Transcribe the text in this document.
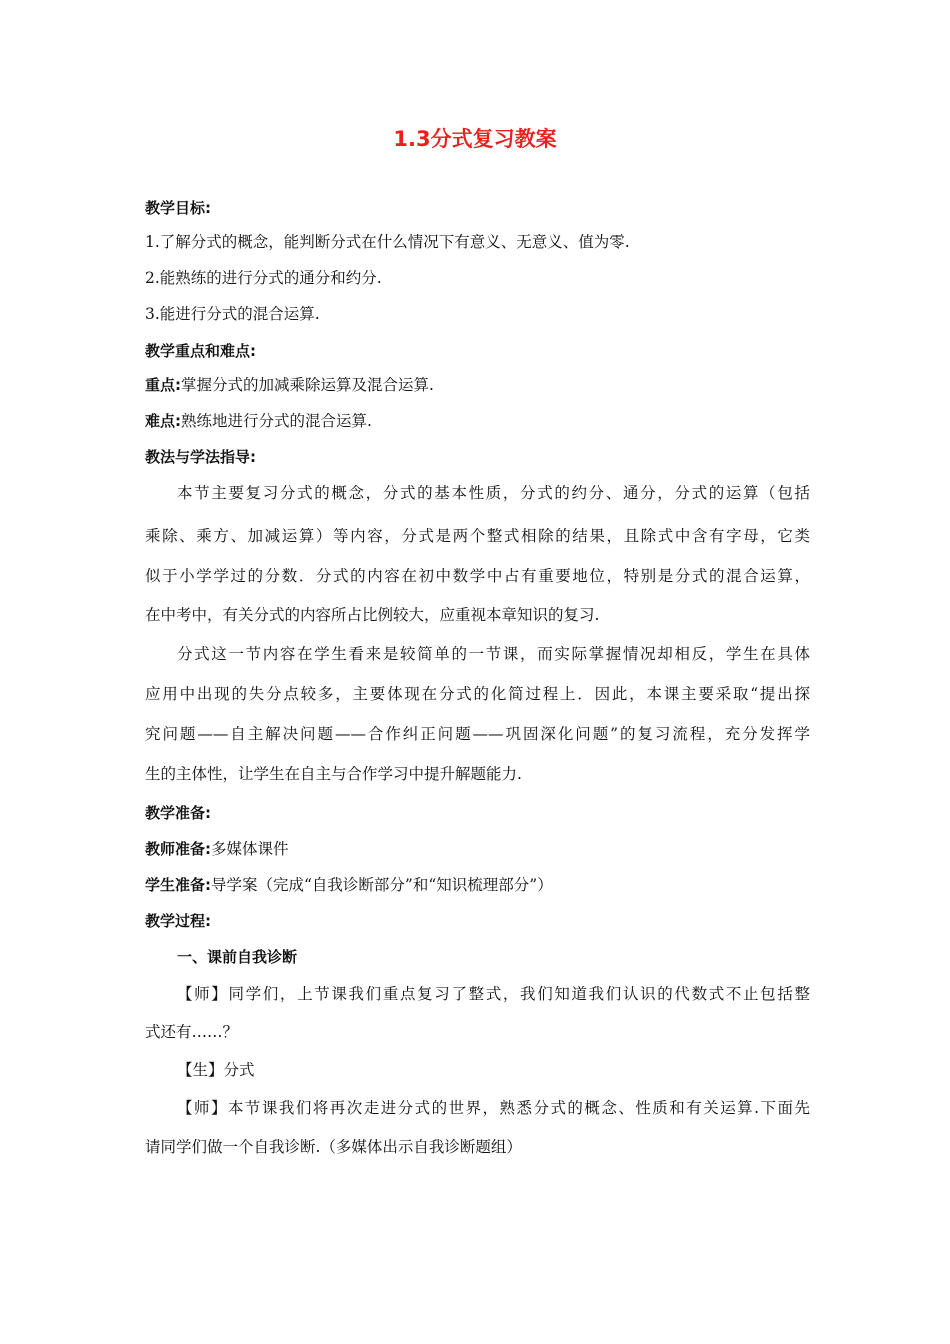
1.3分式复习教案
教学目标:
1.了解分式的概念，能判断分式在什么情况下有意义、无意义、值为零.
2.能熟练的进行分式的通分和约分.
3.能进行分式的混合运算.
教学重点和难点:
重点:掌握分式的加减乘除运算及混合运算.
难点:熟练地进行分式的混合运算.
教法与学法指导:
本节主要复习分式的概念，分式的基本性质，分式的约分、通分，分式的运算（包括
乘除、乘方、加减运算）等内容，分式是两个整式相除的结果，且除式中含有字母，它类
似于小学学过的分数．分式的内容在初中数学中占有重要地位，特别是分式的混合运算，
在中考中，有关分式的内容所占比例较大，应重视本章知识的复习.
分式这一节内容在学生看来是较简单的一节课，而实际掌握情况却相反，学生在具体
应用中出现的失分点较多，主要体现在分式的化简过程上．因此，本课主要采取“提出探
究问题——自主解决问题——合作纠正问题——巩固深化问题”的复习流程，充分发挥学
生的主体性，让学生在自主与合作学习中提升解题能力.
教学准备:
教师准备:多媒体课件
学生准备:导学案（完成“自我诊断部分”和“知识梳理部分”）
教学过程:
一、课前自我诊断
【师】同学们，上节课我们重点复习了整式，我们知道我们认识的代数式不止包括整
式还有……？
【生】分式
【师】本节课我们将再次走进分式的世界，熟悉分式的概念、性质和有关运算.下面先
请同学们做一个自我诊断.（多媒体出示自我诊断题组）
